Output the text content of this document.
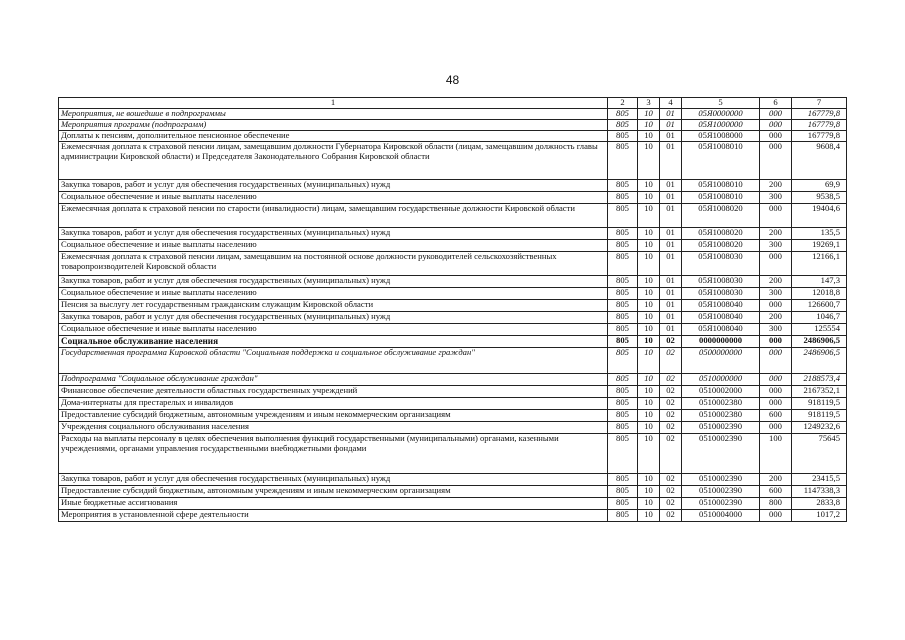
48
1	2	3	4	5	6	7
Мероприятия, не вошедшие в подпрограммы	805	10	01	05Я0000000	000	167779,8
Мероприятия программ (подпрограмм)	805	10	01	05Я1000000	000	167779,8
Доплаты к пенсиям, дополнительное пенсионное обеспечение	805	10	01	05Я1008000	000	167779,8
Ежемесячная доплата к страховой пенсии лицам, замещавшим должности Губернатора Кировской области (лицам, замещавшим должность главы администрации Кировской области) и Председателя Законодательного Собрания Кировской области	805	10	01	05Я1008010	000	9608,4
Закупка товаров, работ и услуг для обеспечения государственных (муниципальных) нужд	805	10	01	05Я1008010	200	69,9
Социальное обеспечение и иные выплаты населению	805	10	01	05Я1008010	300	9538,5
Ежемесячная доплата к страховой пенсии по старости (инвалидности) лицам, замещавшим государственные должности Кировской области	805	10	01	05Я1008020	000	19404,6
Закупка товаров, работ и услуг для обеспечения государственных (муниципальных) нужд	805	10	01	05Я1008020	200	135,5
Социальное обеспечение и иные выплаты населению	805	10	01	05Я1008020	300	19269,1
Ежемесячная доплата к страховой пенсии лицам, замещавшим на постоянной основе должности руководителей сельскохозяйственных товаропроизводителей Кировской области	805	10	01	05Я1008030	000	12166,1
Закупка товаров, работ и услуг для обеспечения государственных (муниципальных) нужд	805	10	01	05Я1008030	200	147,3
Социальное обеспечение и иные выплаты населению	805	10	01	05Я1008030	300	12018,8
Пенсия за выслугу лет государственным гражданским служащим Кировской области	805	10	01	05Я1008040	000	126600,7
Закупка товаров, работ и услуг для обеспечения государственных (муниципальных) нужд	805	10	01	05Я1008040	200	1046,7
Социальное обеспечение и иные выплаты населению	805	10	01	05Я1008040	300	125554
Социальное обслуживание населения	805	10	02	0000000000	000	2486906,5
Государственная программа Кировской области "Социальная поддержка и социальное обслуживание граждан"	805	10	02	0500000000	000	2486906,5
Подпрограмма "Социальное обслуживание граждан"	805	10	02	0510000000	000	2188573,4
Финансовое обеспечение деятельности областных государственных учреждений	805	10	02	0510002000	000	2167352,1
Дома-интернаты для престарелых и инвалидов	805	10	02	0510002380	000	918119,5
Предоставление субсидий бюджетным, автономным учреждениям и иным некоммерческим организациям	805	10	02	0510002380	600	918119,5
Учреждения социального обслуживания населения	805	10	02	0510002390	000	1249232,6
Расходы на выплаты персоналу в целях обеспечения выполнения функций государственными (муниципальными) органами, казенными учреждениями, органами управления государственными внебюджетными фондами	805	10	02	0510002390	100	75645
Закупка товаров, работ и услуг для обеспечения государственных (муниципальных) нужд	805	10	02	0510002390	200	23415,5
Предоставление субсидий бюджетным, автономным учреждениям и иным некоммерческим организациям	805	10	02	0510002390	600	1147338,3
Иные бюджетные ассигнования	805	10	02	0510002390	800	2833,8
Мероприятия в установленной сфере деятельности	805	10	02	0510004000	000	1017,2
